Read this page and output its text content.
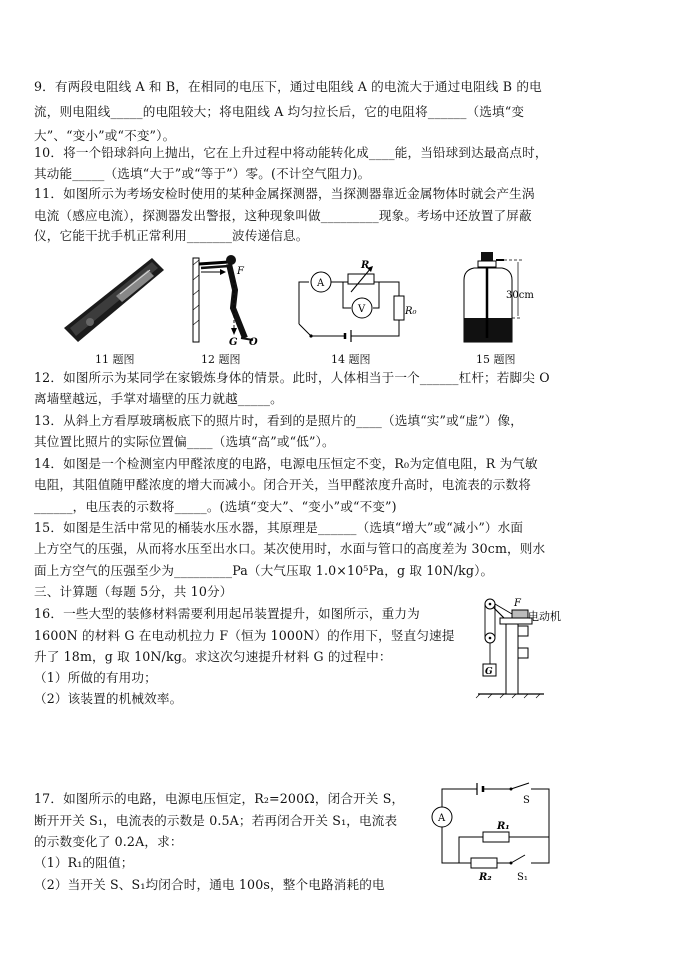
9．有两段电阻线 A 和 B，在相同的电压下，通过电阻线 A 的电流大于通过电阻线 B 的电
流，则电阻线_____的电阻较大；将电阻线 A 均匀拉长后，它的电阻将______（选填“变
大”、“变小”或“不变”）。
10．将一个铅球斜向上抛出，它在上升过程中将动能转化成____能，当铅球到达最高点时，
其动能_____（选填“大于”或“等于”）零。(不计空气阻力)。
11．如图所示为考场安检时使用的某种金属探测器，当探测器靠近金属物体时就会产生涡
电流（感应电流），探测器发出警报，这种现象叫做_________现象。考场中还放置了屏蔽
仪，它能干扰手机正常利用_______波传递信息。
F
G O
A
R
V	R₀
30cm
11 题图	12 题图	14 题图	15 题图
12．如图所示为某同学在家锻炼身体的情景。此时，人体相当于一个______杠杆；若脚尖 O
离墙壁越远，手掌对墙壁的压力就越_____。
13．从斜上方看厚玻璃板底下的照片时，看到的是照片的____（选填“实”或“虚”）像，
其位置比照片的实际位置偏____（选填“高”或“低”）。
14．如图是一个检测室内甲醛浓度的电路，电源电压恒定不变，R₀为定值电阻，R 为气敏
电阻，其阻值随甲醛浓度的增大而减小。闭合开关，当甲醛浓度升高时，电流表的示数将
______，电压表的示数将_____。(选填“变大”、“变小”或“不变”)
15．如图是生活中常见的桶装水压水器，其原理是______（选填“增大”或“减小”）水面
上方空气的压强，从而将水压至出水口。某次使用时，水面与管口的高度差为 30cm，则水
面上方空气的压强至少为_________Pa（大气压取 1.0×10⁵Pa，g 取 10N/kg）。
三、计算题（每题 5分，共 10分）
16．一些大型的装修材料需要利用起吊装置提升，如图所示，重力为
1600N 的材料 G 在电动机拉力 F（恒为 1000N）的作用下，竖直匀速提
升了 18m，g 取 10N/kg。求这次匀速提升材料 G 的过程中：
（1）所做的有用功；
（2）该装置的机械效率。
G
F
电动机
17．如图所示的电路，电源电压恒定，R₂=200Ω，闭合开关 S，
断开开关 S₁，电流表的示数是 0.5A；若再闭合开关 S₁，电流表
的示数变化了 0.2A，求：
（1）R₁的阻值；
（2）当开关 S、S₁均闭合时，通电 100s，整个电路消耗的电
S
A
R₁
R₂	S₁
